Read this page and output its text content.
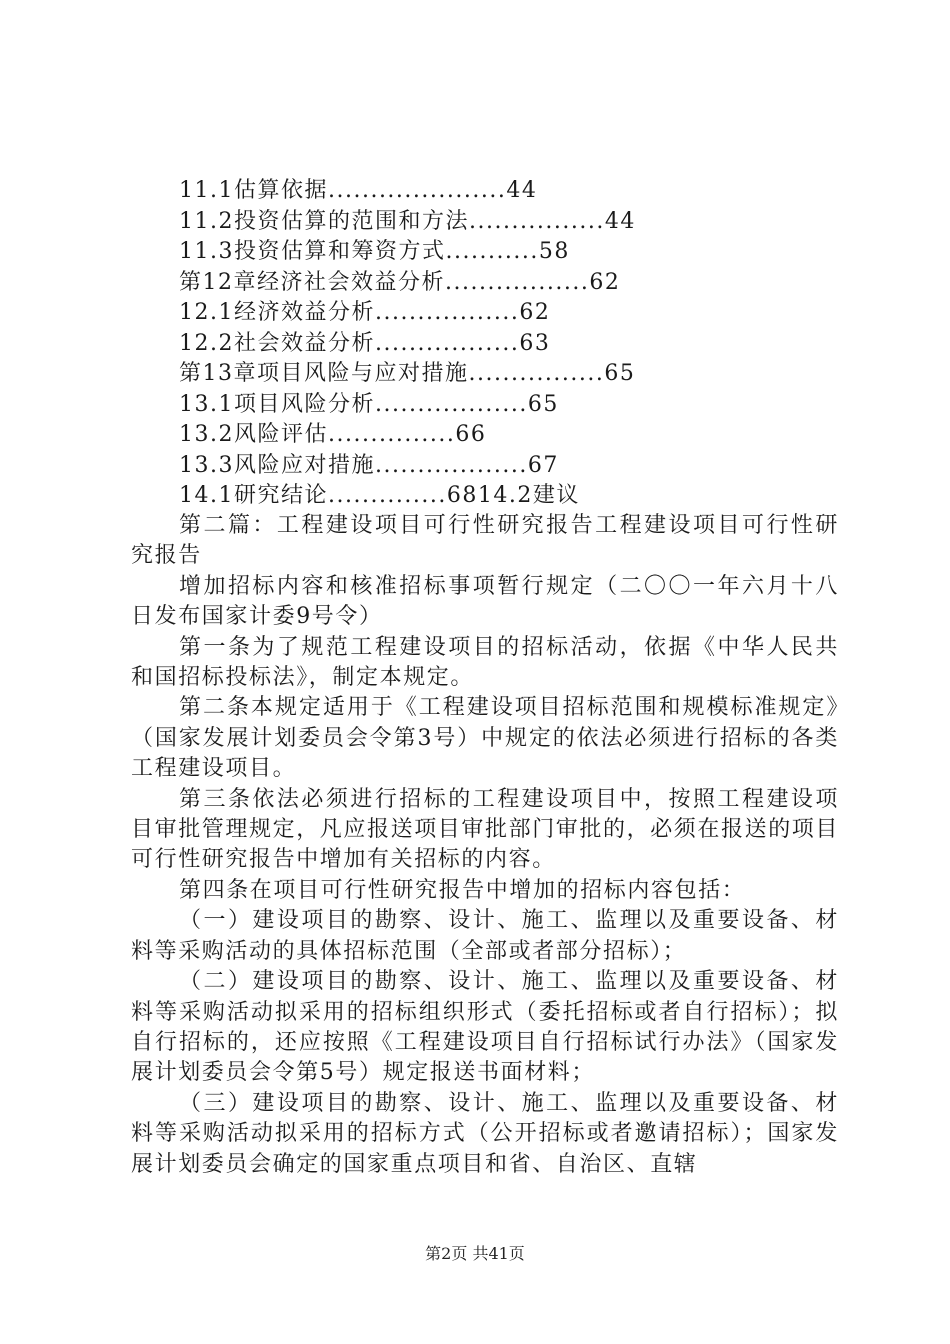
11.1估算依据.....................44
11.2投资估算的范围和方法................44
11.3投资估算和筹资方式...........58
第12章经济社会效益分析.................62
12.1经济效益分析.................62
12.2社会效益分析.................63
第13章项目风险与应对措施................65
13.1项目风险分析..................65
13.2风险评估...............66
13.3风险应对措施..................67
14.1研究结论..............6814.2建议

第二篇：工程建设项目可行性研究报告工程建设项目可行性研究报告

增加招标内容和核准招标事项暂行规定（二〇〇一年六月十八日发布国家计委9号令）

第一条为了规范工程建设项目的招标活动，依据《中华人民共和国招标投标法》，制定本规定。

第二条本规定适用于《工程建设项目招标范围和规模标准规定》（国家发展计划委员会令第3号）中规定的依法必须进行招标的各类工程建设项目。

第三条依法必须进行招标的工程建设项目中，按照工程建设项目审批管理规定，凡应报送项目审批部门审批的，必须在报送的项目可行性研究报告中增加有关招标的内容。

第四条在项目可行性研究报告中增加的招标内容包括：

（一）建设项目的勘察、设计、施工、监理以及重要设备、材料等采购活动的具体招标范围（全部或者部分招标）；

（二）建设项目的勘察、设计、施工、监理以及重要设备、材料等采购活动拟采用的招标组织形式（委托招标或者自行招标）；拟自行招标的，还应按照《工程建设项目自行招标试行办法》（国家发展计划委员会令第5号）规定报送书面材料；

（三）建设项目的勘察、设计、施工、监理以及重要设备、材料等采购活动拟采用的招标方式（公开招标或者邀请招标）；国家发展计划委员会确定的国家重点项目和省、自治区、直辖

第2页 共41页
